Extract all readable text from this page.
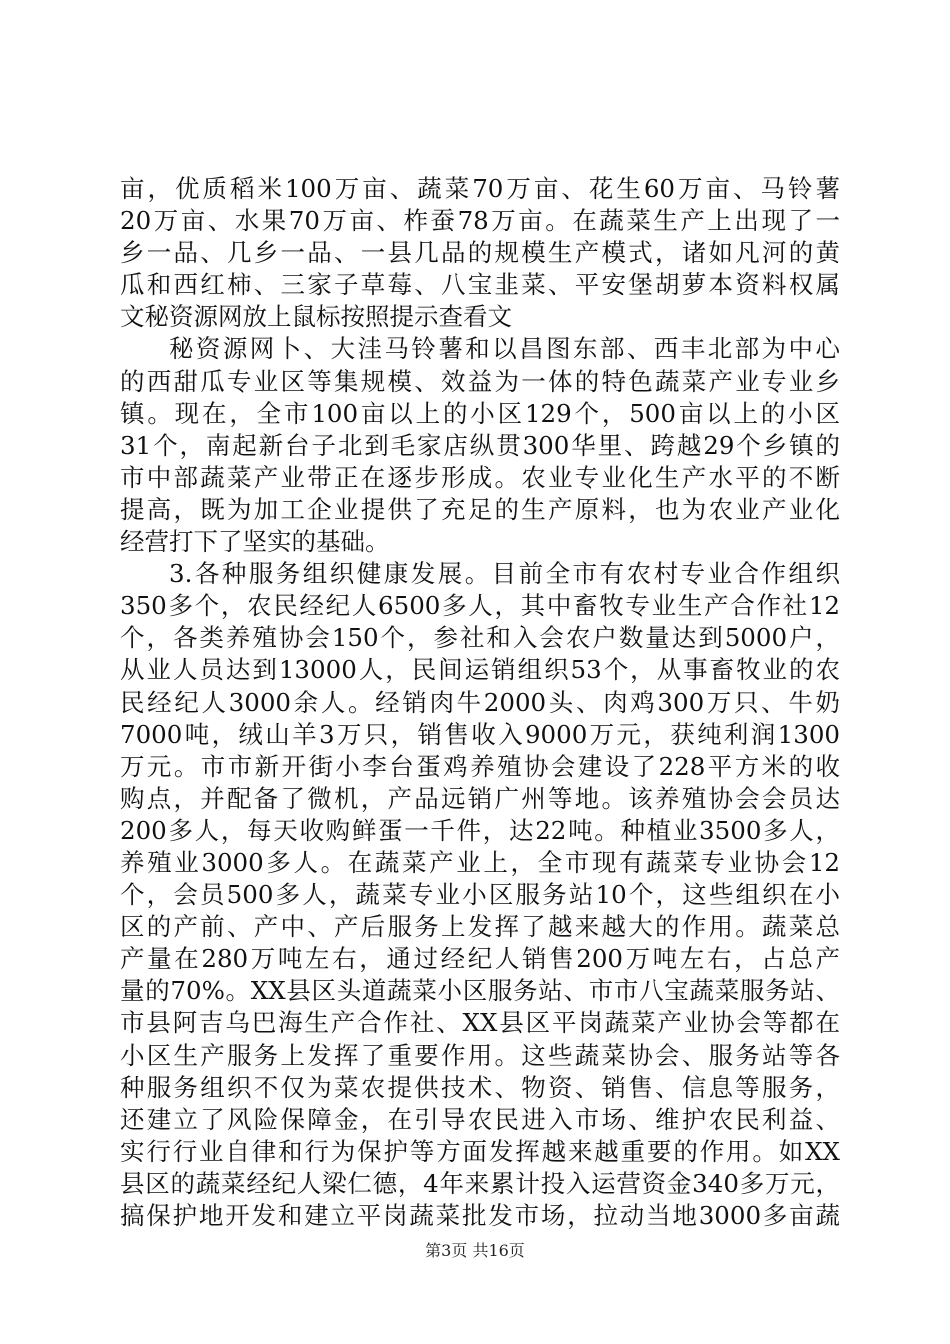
亩，优质稻米100万亩、蔬菜70万亩、花生60万亩、马铃薯
20万亩、水果70万亩、柞蚕78万亩。在蔬菜生产上出现了一
乡一品、几乡一品、一县几品的规模生产模式，诸如凡河的黄
瓜和西红柿、三家子草莓、八宝韭菜、平安堡胡萝本资料权属
文秘资源网放上鼠标按照提示查看文
秘资源网卜、大洼马铃薯和以昌图东部、西丰北部为中心
的西甜瓜专业区等集规模、效益为一体的特色蔬菜产业专业乡
镇。现在，全市100亩以上的小区129个，500亩以上的小区
31个，南起新台子北到毛家店纵贯300华里、跨越29个乡镇的
市中部蔬菜产业带正在逐步形成。农业专业化生产水平的不断
提高，既为加工企业提供了充足的生产原料，也为农业产业化
经营打下了坚实的基础。
3.各种服务组织健康发展。目前全市有农村专业合作组织
350多个，农民经纪人6500多人，其中畜牧专业生产合作社12
个，各类养殖协会150个，参社和入会农户数量达到5000户，
从业人员达到13000人，民间运销组织53个，从事畜牧业的农
民经纪人3000余人。经销肉牛2000头、肉鸡300万只、牛奶
7000吨，绒山羊3万只，销售收入9000万元，获纯利润1300
万元。市市新开街小李台蛋鸡养殖协会建设了228平方米的收
购点，并配备了微机，产品远销广州等地。该养殖协会会员达
200多人，每天收购鲜蛋一千件，达22吨。种植业3500多人，
养殖业3000多人。在蔬菜产业上，全市现有蔬菜专业协会12
个，会员500多人，蔬菜专业小区服务站10个，这些组织在小
区的产前、产中、产后服务上发挥了越来越大的作用。蔬菜总
产量在280万吨左右，通过经纪人销售200万吨左右，占总产
量的70%。XX县区头道蔬菜小区服务站、市市八宝蔬菜服务站、
市县阿吉乌巴海生产合作社、XX县区平岗蔬菜产业协会等都在
小区生产服务上发挥了重要作用。这些蔬菜协会、服务站等各
种服务组织不仅为菜农提供技术、物资、销售、信息等服务，
还建立了风险保障金，在引导农民进入市场、维护农民利益、
实行行业自律和行为保护等方面发挥越来越重要的作用。如XX
县区的蔬菜经纪人梁仁德，4年来累计投入运营资金340多万元，
搞保护地开发和建立平岗蔬菜批发市场，拉动当地3000多亩蔬
第3页 共16页
